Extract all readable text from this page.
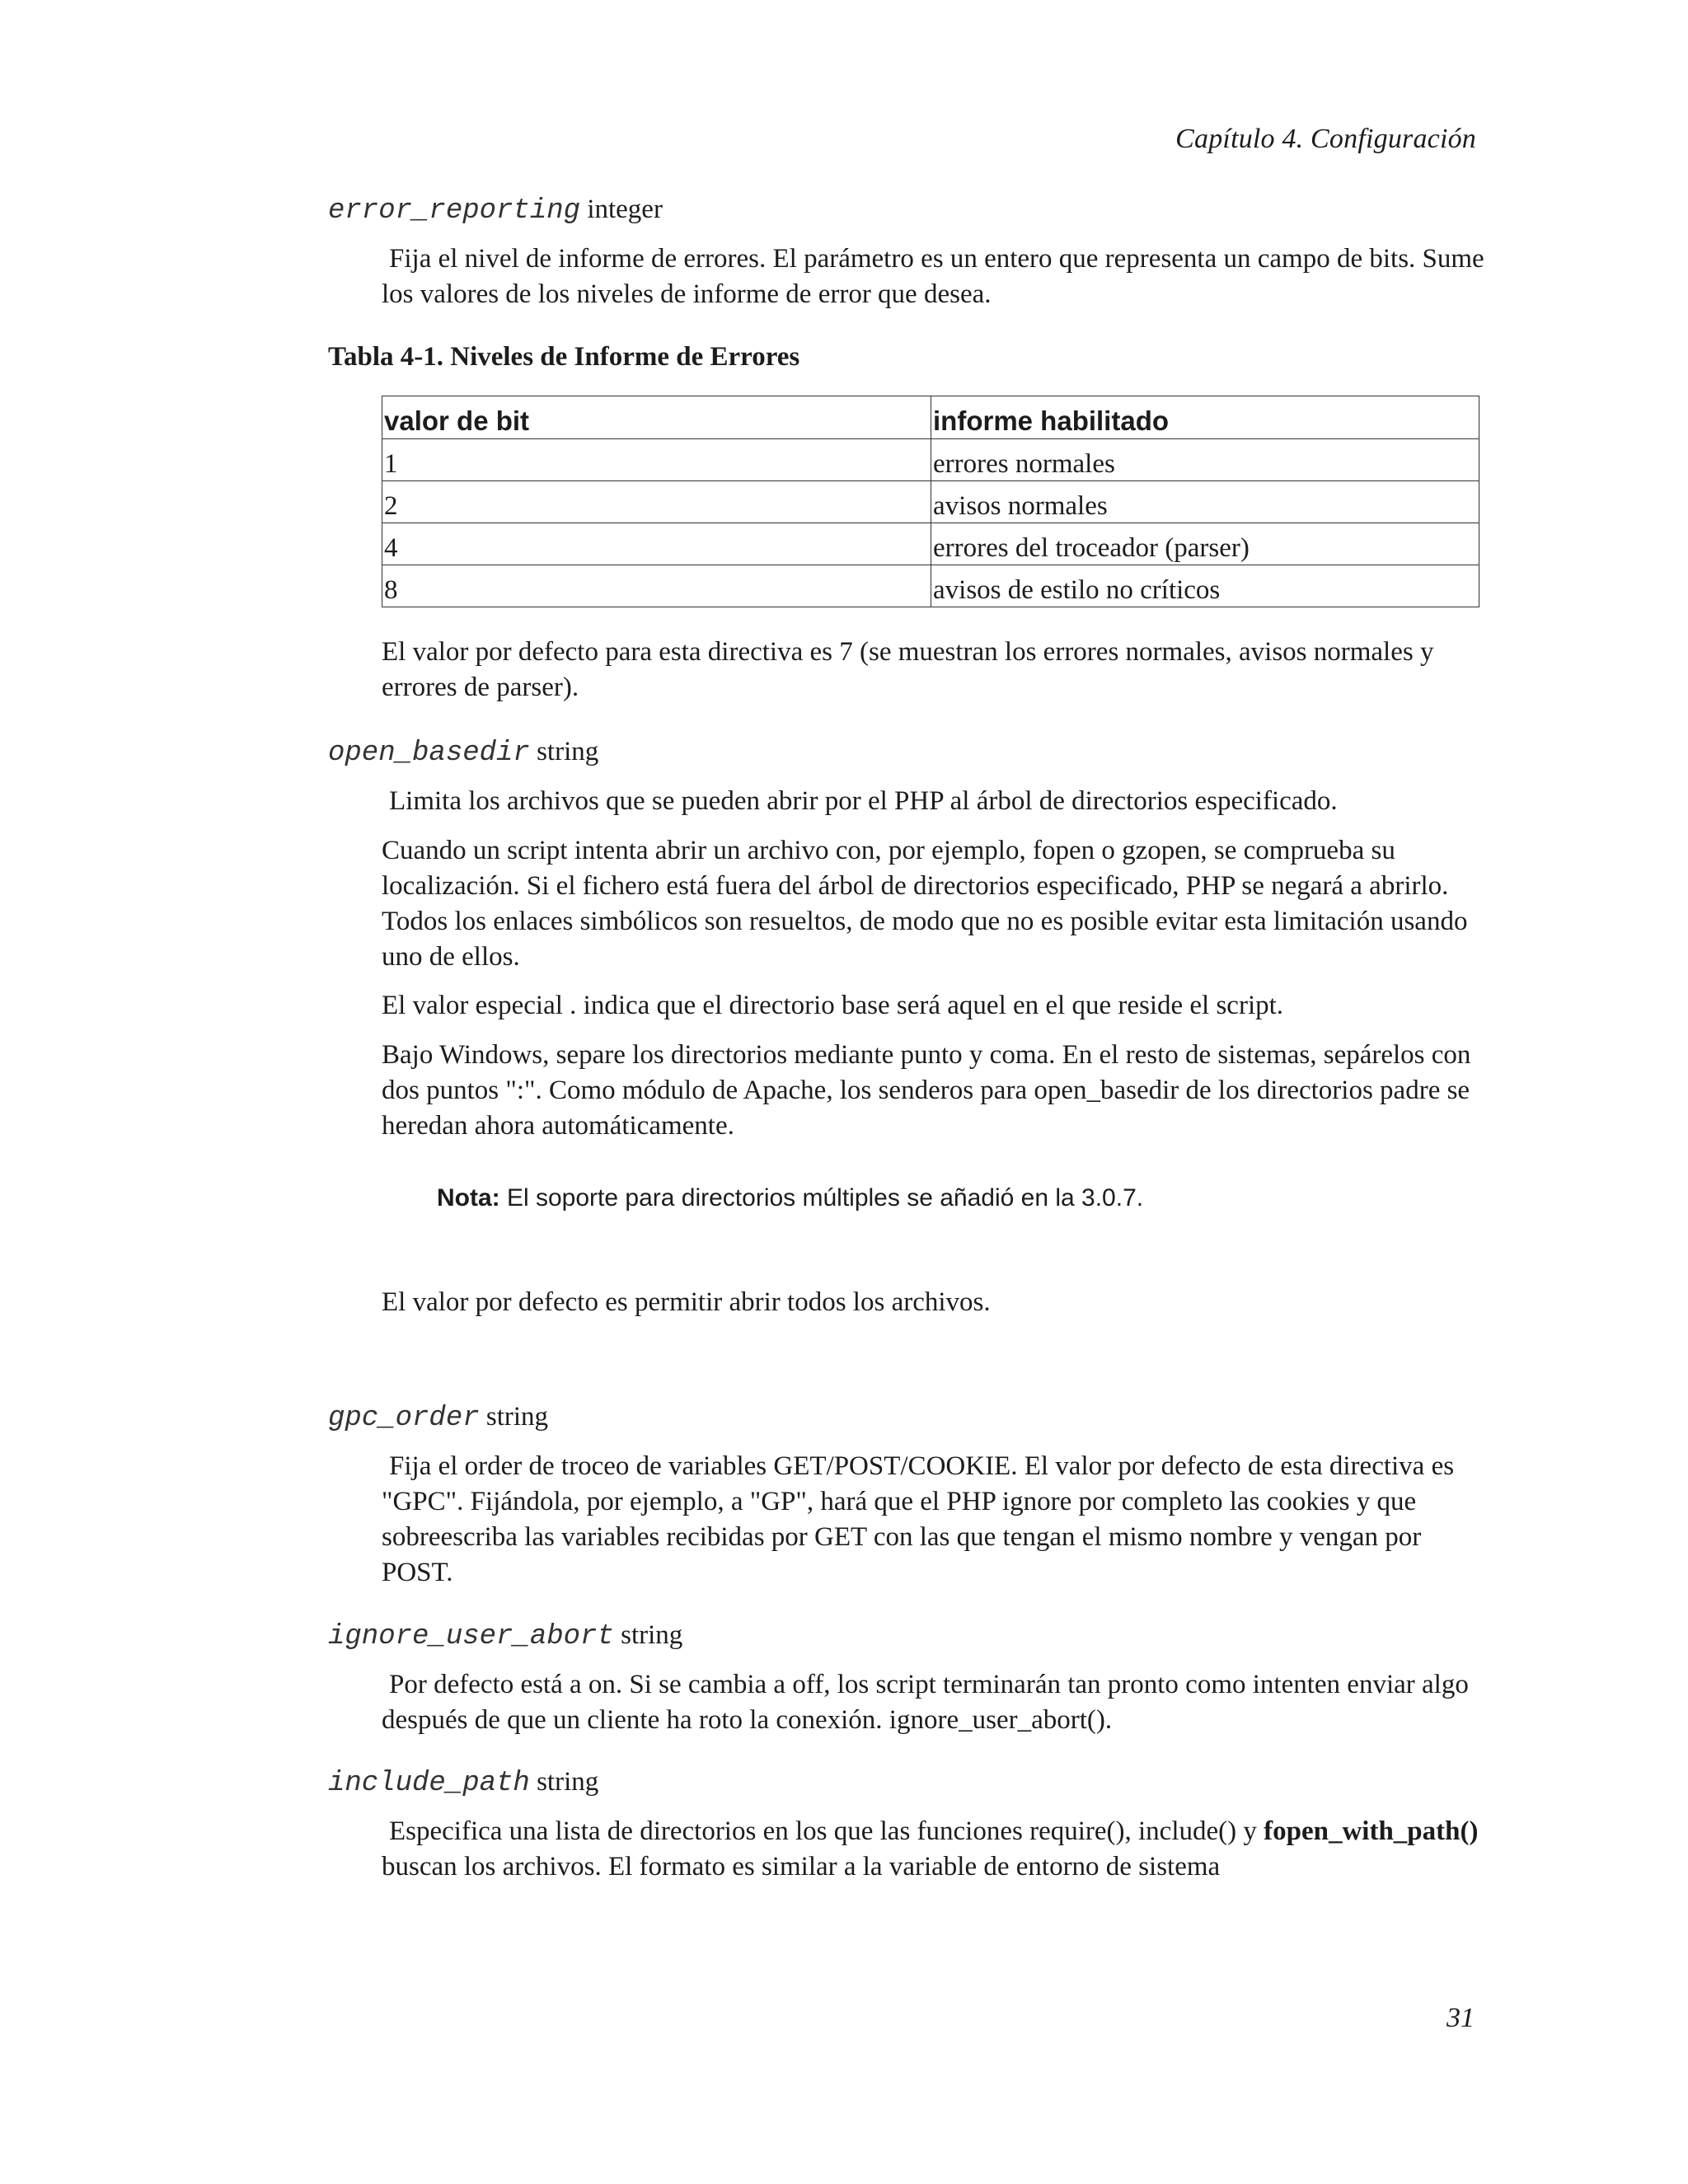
Capítulo 4. Configuración
error_reporting integer
Fija el nivel de informe de errores. El parámetro es un entero que representa un campo de bits. Sume los valores de los niveles de informe de error que desea.
Tabla 4-1. Niveles de Informe de Errores
valor de bit	informe habilitado
1	errores normales
2	avisos normales
4	errores del troceador (parser)
8	avisos de estilo no críticos
El valor por defecto para esta directiva es 7 (se muestran los errores normales, avisos normales y errores de parser).
open_basedir string
Limita los archivos que se pueden abrir por el PHP al árbol de directorios especificado.
Cuando un script intenta abrir un archivo con, por ejemplo, fopen o gzopen, se comprueba su localización. Si el fichero está fuera del árbol de directorios especificado, PHP se negará a abrirlo. Todos los enlaces simbólicos son resueltos, de modo que no es posible evitar esta limitación usando uno de ellos.
El valor especial . indica que el directorio base será aquel en el que reside el script.
Bajo Windows, separe los directorios mediante punto y coma. En el resto de sistemas, sepárelos con dos puntos ":". Como módulo de Apache, los senderos para open_basedir de los directorios padre se heredan ahora automáticamente.
Nota: El soporte para directorios múltiples se añadió en la 3.0.7.
El valor por defecto es permitir abrir todos los archivos.
gpc_order string
Fija el order de troceo de variables GET/POST/COOKIE. El valor por defecto de esta directiva es "GPC". Fijándola, por ejemplo, a "GP", hará que el PHP ignore por completo las cookies y que sobreescriba las variables recibidas por GET con las que tengan el mismo nombre y vengan por POST.
ignore_user_abort string
Por defecto está a on. Si se cambia a off, los script terminarán tan pronto como intenten enviar algo después de que un cliente ha roto la conexión. ignore_user_abort().
include_path string
Especifica una lista de directorios en los que las funciones require(), include() y fopen_with_path() buscan los archivos. El formato es similar a la variable de entorno de sistema
31
